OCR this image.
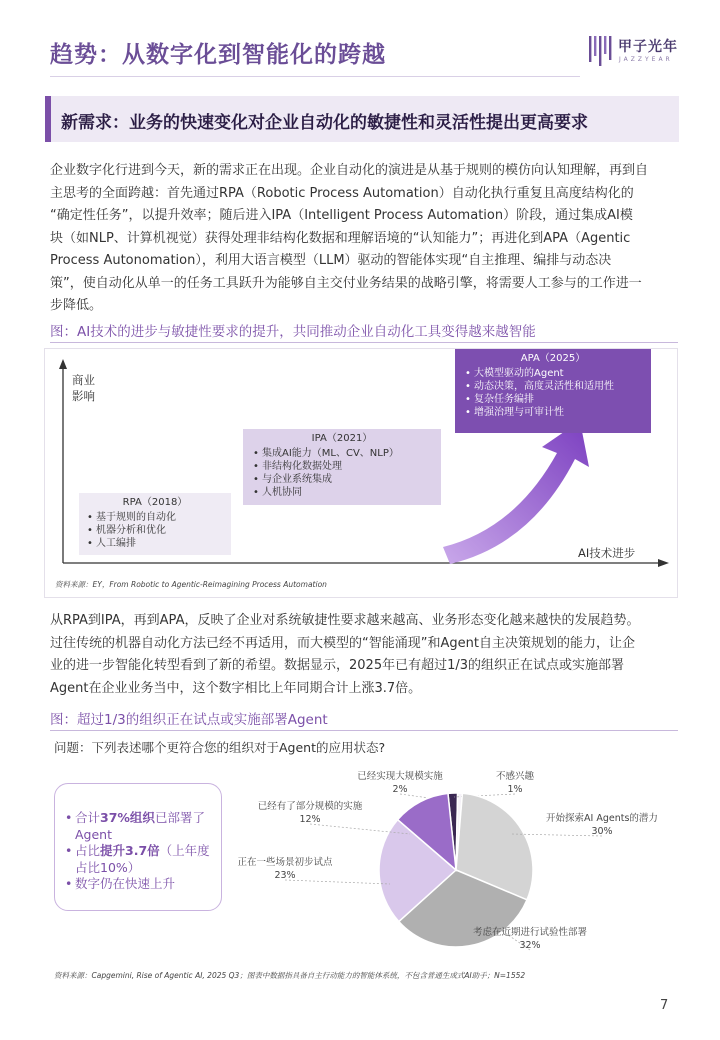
趋势：从数字化到智能化的跨越	甲子光年
JAZZYEAR
新需求：业务的快速变化对企业自动化的敏捷性和灵活性提出更高要求
企业数字化行进到今天，新的需求正在出现。企业自动化的演进是从基于规则的模仿向认知理解，再到自
主思考的全面跨越：首先通过RPA（Robotic Process Automation）自动化执行重复且高度结构化的
“确定性任务”，以提升效率；随后进入IPA（Intelligent Process Automation）阶段，通过集成AI模
块（如NLP、计算机视觉）获得处理非结构化数据和理解语境的“认知能力”；再进化到APA（Agentic
Process Autonomation），利用大语言模型（LLM）驱动的智能体实现“自主推理、编排与动态决
策”，使自动化从单一的任务工具跃升为能够自主交付业务结果的战略引擎，将需要人工参与的工作进一
步降低。
图：AI技术的进步与敏捷性要求的提升，共同推动企业自动化工具变得越来越智能
商业
影响
AI技术进步
RPA（2018）
• 基于规则的自动化
• 机器分析和优化
• 人工编排
IPA（2021）
• 集成AI能力（ML、CV、NLP）
• 非结构化数据处理
• 与企业系统集成
• 人机协同
APA（2025）
• 大模型驱动的Agent
• 动态决策，高度灵活性和适用性
• 复杂任务编排
• 增强治理与可审计性
资料来源：EY，From Robotic to Agentic-Reimagining Process Automation
从RPA到IPA，再到APA，反映了企业对系统敏捷性要求越来越高、业务形态变化越来越快的发展趋势。
过往传统的机器自动化方法已经不再适用，而大模型的“智能涌现”和Agent自主决策规划的能力，让企
业的进一步智能化转型看到了新的希望。数据显示，2025年已有超过1/3的组织正在试点或实施部署
Agent在企业业务当中，这个数字相比上年同期合计上涨3.7倍。
图：超过1/3的组织正在试点或实施部署Agent
问题：下列表述哪个更符合您的组织对于Agent的应用状态?
• 合计37%组织已部署了Agent
• 占比提升3.7倍（上年度占比10%）
• 数字仍在快速上升
已经实现大规模实施
2%
不感兴趣
1%
开始探索AI Agents的潜力
30%
考虑在近期进行试验性部署
32%
正在一些场景初步试点
23%
已经有了部分规模的实施
12%
资料来源：Capgemini, Rise of Agentic AI, 2025 Q3；图表中数据指具备自主行动能力的智能体系统，不包含普通生成式AI助手；N=1552
7
